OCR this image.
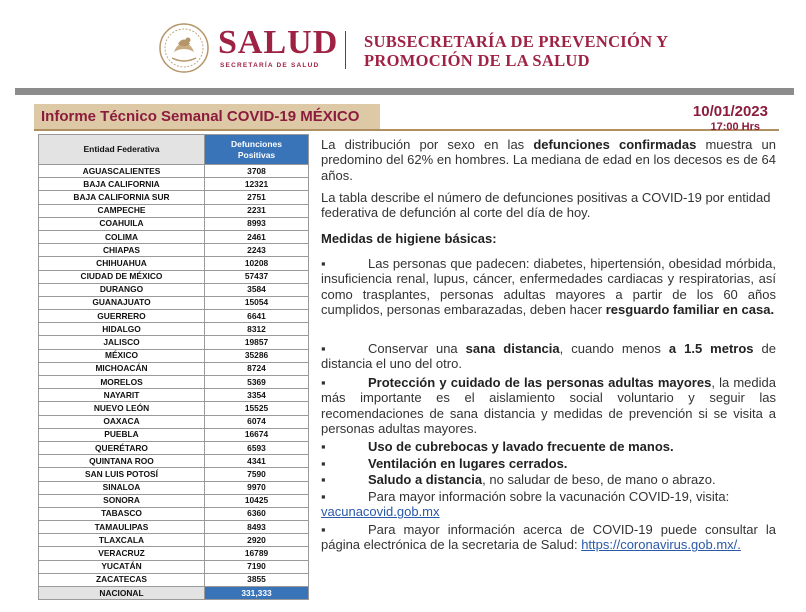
SALUD
SECRETARÍA DE SALUD
SUBSECRETARÍA DE PREVENCIÓN Y
PROMOCIÓN DE LA SALUD
Informe Técnico Semanal COVID-19 MÉXICO	10/01/2023
17:00 Hrs
Entidad Federativa	Defunciones
Positivas

AGUASCALIENTES	3708
BAJA CALIFORNIA	12321
BAJA CALIFORNIA SUR	2751
CAMPECHE	2231
COAHUILA	8993
COLIMA	2461
CHIAPAS	2243
CHIHUAHUA	10208
CIUDAD DE MÉXICO	57437
DURANGO	3584
GUANAJUATO	15054
GUERRERO	6641
HIDALGO	8312
JALISCO	19857
MÉXICO	35286
MICHOACÁN	8724
MORELOS	5369
NAYARIT	3354
NUEVO LEÓN	15525
OAXACA	6074
PUEBLA	16674
QUERÉTARO	6593
QUINTANA ROO	4341
SAN LUIS POTOSÍ	7590
SINALOA	9970
SONORA	10425
TABASCO	6360
TAMAULIPAS	8493
TLAXCALA	2920
VERACRUZ	16789
YUCATÁN	7190
ZACATECAS	3855
NACIONAL	331,333

La distribución por sexo en las defunciones confirmadas muestra un predomino del 62% en hombres. La mediana de edad en los decesos es de 64 años.

La tabla describe el número de defunciones positivas a COVID-19 por entidad federativa de defunción al corte del día de hoy.

Medidas de higiene básicas:

▪	Las personas que padecen: diabetes, hipertensión, obesidad mórbida, insuficiencia renal, lupus, cáncer, enfermedades cardiacas y respiratorias, así como trasplantes, personas adultas mayores a partir de los 60 años cumplidos, personas embarazadas, deben hacer resguardo familiar en casa.

▪	Conservar una sana distancia, cuando menos a 1.5 metros de distancia el uno del otro.

▪	Protección y cuidado de las personas adultas mayores, la medida más importante es el aislamiento social voluntario y seguir las recomendaciones de sana distancia y medidas de prevención si se visita a personas adultas mayores.

▪	Uso de cubrebocas y lavado frecuente de manos.

▪	Ventilación en lugares cerrados.

▪	Saludo a distancia, no saludar de beso, de mano o abrazo.

▪	Para mayor información sobre la vacunación COVID-19, visita:
vacunacovid.gob.mx

▪	Para mayor información acerca de COVID-19 puede consultar la página electrónica de la secretaria de Salud: https://coronavirus.gob.mx/.
